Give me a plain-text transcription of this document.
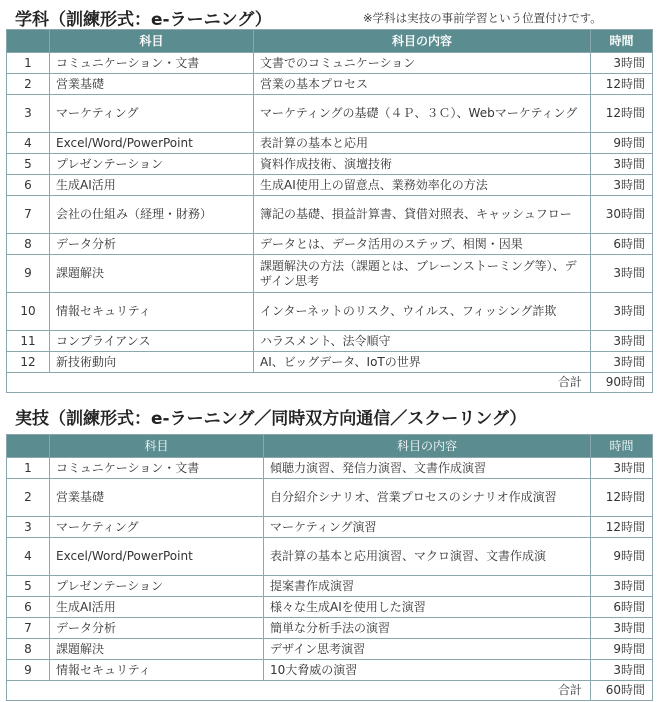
学科（訓練形式：e-ラーニング）	※学科は実技の事前学習という位置付けです。
	科目	科目の内容	時間
1	コミュニケーション・文書	文書でのコミュニケーション	3時間
2	営業基礎	営業の基本プロセス	12時間
3	マーケティング	マーケティングの基礎（４Ｐ、３Ｃ）、Webマーケティング	12時間
4	Excel/Word/PowerPoint	表計算の基本と応用	9時間
5	プレゼンテーション	資料作成技術、演壇技術	3時間
6	生成AI活用	生成AI使用上の留意点、業務効率化の方法	3時間
7	会社の仕組み（経理・財務）	簿記の基礎、損益計算書、貸借対照表、キャッシュフロー	30時間
8	データ分析	データとは、データ活用のステップ、相関・因果	6時間
9	課題解決	課題解決の方法（課題とは、ブレーンストーミング等）、デザイン思考	3時間
10	情報セキュリティ	インターネットのリスク、ウイルス、フィッシング詐欺	3時間
11	コンプライアンス	ハラスメント、法令順守	3時間
12	新技術動向	AI、ビッグデータ、IoTの世界	3時間
合計			90時間
実技（訓練形式：e-ラーニング／同時双方向通信／スクーリング）
	科目	科目の内容	時間
1	コミュニケーション・文書	傾聴力演習、発信力演習、文書作成演習	3時間
2	営業基礎	自分紹介シナリオ、営業プロセスのシナリオ作成演習	12時間
3	マーケティング	マーケティング演習	12時間
4	Excel/Word/PowerPoint	表計算の基本と応用演習、マクロ演習、文書作成演	9時間
5	プレゼンテーション	提案書作成演習	3時間
6	生成AI活用	様々な生成AIを使用した演習	6時間
7	データ分析	簡単な分析手法の演習	3時間
8	課題解決	デザイン思考演習	9時間
9	情報セキュリティ	10大脅威の演習	3時間
合計			60時間
